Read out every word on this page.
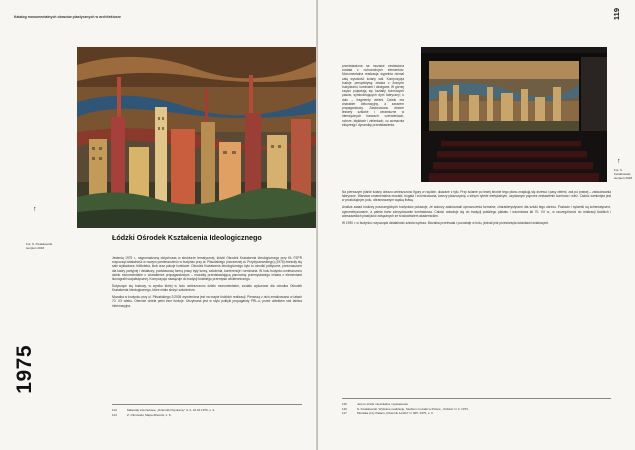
Katalog monumentalnych obrazów plastycznych w architekturze
↑
Fot. S. Kwiatkowski,
sierpień 2018
Łódzki Ośrodek Kształcenia Ideologicznego
1975

Jesienią 1975 r., nagromadzoną dotychczas w strukturze tematycznej, łódzki Ośrodek Kształcenia Ideologicznego przy KŁ PZPR rozpoczął działalność w nowym pomieszczeniu w budynku przy al. Piłsudskiego (ówczesnej al. Przybyszewskiego) (1975) mieściły się sale wykładowe, biblioteka, klub oraz pokoje hotelowe. Ośrodek Kształcenia Ideologicznego było to ośrodki polityczne, przeznaczone dla kadry partyjnej i działaczy; podstawową formą pracy były kursy, szkolenia, konferencje i seminaria. W holu budynku umieszczono dzieło monumentalne o charakterze propagandowym – mozaikę przedstawiającą panoramę przemysłowego miasta z elementami ikonografii socjalistycznej. Kompozycja nawiązuje do tradycji łódzkiego przemysłu włókienniczego.

Dotyczące się budowy, w wyniku której w holu umieszczono dzieło monumentalne, zostało wykonane dla ośrodka Ośrodek Kształcenia Ideologicznego, które miało służyć szkoleniom.

Mozaika w budynku przy ul. Piłsudskiego 2/2005 wymieniona jest na mapie łódzkich realizacji. Pierwszą z nich zrealizowano w latach 70. XX wieku. Obecnie obiekt pełni inne funkcje. Utrzymana jest w stylu polityki propagandy PRL-u; przed obiektem stoi tablica informacyjna.

113	Materiały internetowe, „Dziennik Popularny” nr 4, 10.01.1976, s. 3.
114	Z. Olmowski, Mapa Zbiorów, s. 6.
119

przedstawiona na mozaice zestawiona została z różnorodnych elementów. Monumentalna realizacja wypełnia niemal całą wysokość ściany sali. Kompozycja buduje perspektywę miasta z licznymi budynkami, kominami i dźwigami. W górnej części pojawiają się kształty kolorowych pasów, symbolizujących dym fabryczny; u dołu – fragmenty zieleni. Dzieło ma charakter dekoracyjny, a zarazem propagandowy. Zastosowano drobne tessery szklane i ceramiczne w intensywnych barwach: czerwieniach, ochrze, błękitach i zieleniach, co wzmacnia ekspresję i dynamikę przedstawienia.

↑
Fot. S. Kwiatkowski,
sierpień 2018

Na pierwszym planie ściany obrazu umieszczono figury w rzędzie, ukazane z tyłu. Przy ścianie po lewej stronie tego planu znajdują się drzewa i pasy zieleni, zaś po prawej – zabudowania fabryczne. Warstwa ornamentalna mozaiki, bogata i zróżnicowana, tworzy płaszczyznę o silnym rytmie wertykalnym, uzyskanym poprzez zestawienie kominów i wież. Całość zamknięta jest w prostokątnym polu, obramowanym wąską listwą.

Analiza zasad budowy poszczególnych budynków pokazuje, że autorzy zastosowali uproszczenia formalne, charakterystyczne dla sztuki tego okresu. Postacie i sylwetki są schematyczne, zgeometryzowane, a paleta barw zdecydowanie kontrastowa. Całość odwołuje się do tradycji polskiego plakatu i wzornictwa lat 70. XX w., w szczególności do realizacji łódzkich i warszawskich plastyków związanych ze środowiskiem akademickim.

W 1990 r. w budynku rozpoczęła działalność szkoła wyższa. Mozaika przetrwała i pozostaje w holu, jednak jest przesłonięta ściankami działowymi.

115	Jest to strefa mieszkalna i wystawowa.
116	S. Kwiatkowski, Wybrane realizacje, Studium mozaiki w Polsce, „Sztuka” nr 2, 1973.
117	Mozaika przy Pałacu „Dziennik Łódzki” nr 305, 1975, s. 3.
